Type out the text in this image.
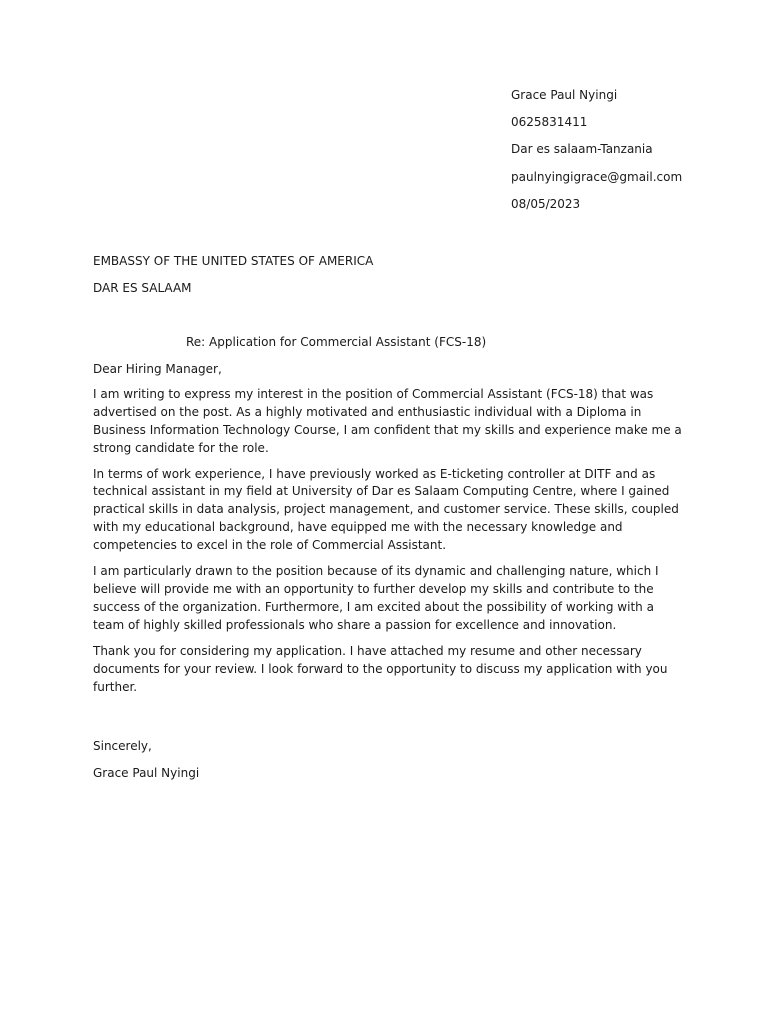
Grace Paul Nyingi
0625831411
Dar es salaam-Tanzania
paulnyingigrace@gmail.com
08/05/2023
EMBASSY OF THE UNITED STATES OF AMERICA
DAR ES SALAAM
Re: Application for Commercial Assistant (FCS-18)

Dear Hiring Manager,

I am writing to express my interest in the position of Commercial Assistant (FCS-18) that was advertised on the post. As a highly motivated and enthusiastic individual with a Diploma in Business Information Technology Course, I am confident that my skills and experience make me a strong candidate for the role.

In terms of work experience, I have previously worked as E-ticketing controller at DITF and as technical assistant in my field at University of Dar es Salaam Computing Centre, where I gained practical skills in data analysis, project management, and customer service. These skills, coupled with my educational background, have equipped me with the necessary knowledge and competencies to excel in the role of Commercial Assistant.

I am particularly drawn to the position because of its dynamic and challenging nature, which I believe will provide me with an opportunity to further develop my skills and contribute to the success of the organization. Furthermore, I am excited about the possibility of working with a team of highly skilled professionals who share a passion for excellence and innovation.

Thank you for considering my application. I have attached my resume and other necessary documents for your review. I look forward to the opportunity to discuss my application with you further.

Sincerely,
Grace Paul Nyingi
